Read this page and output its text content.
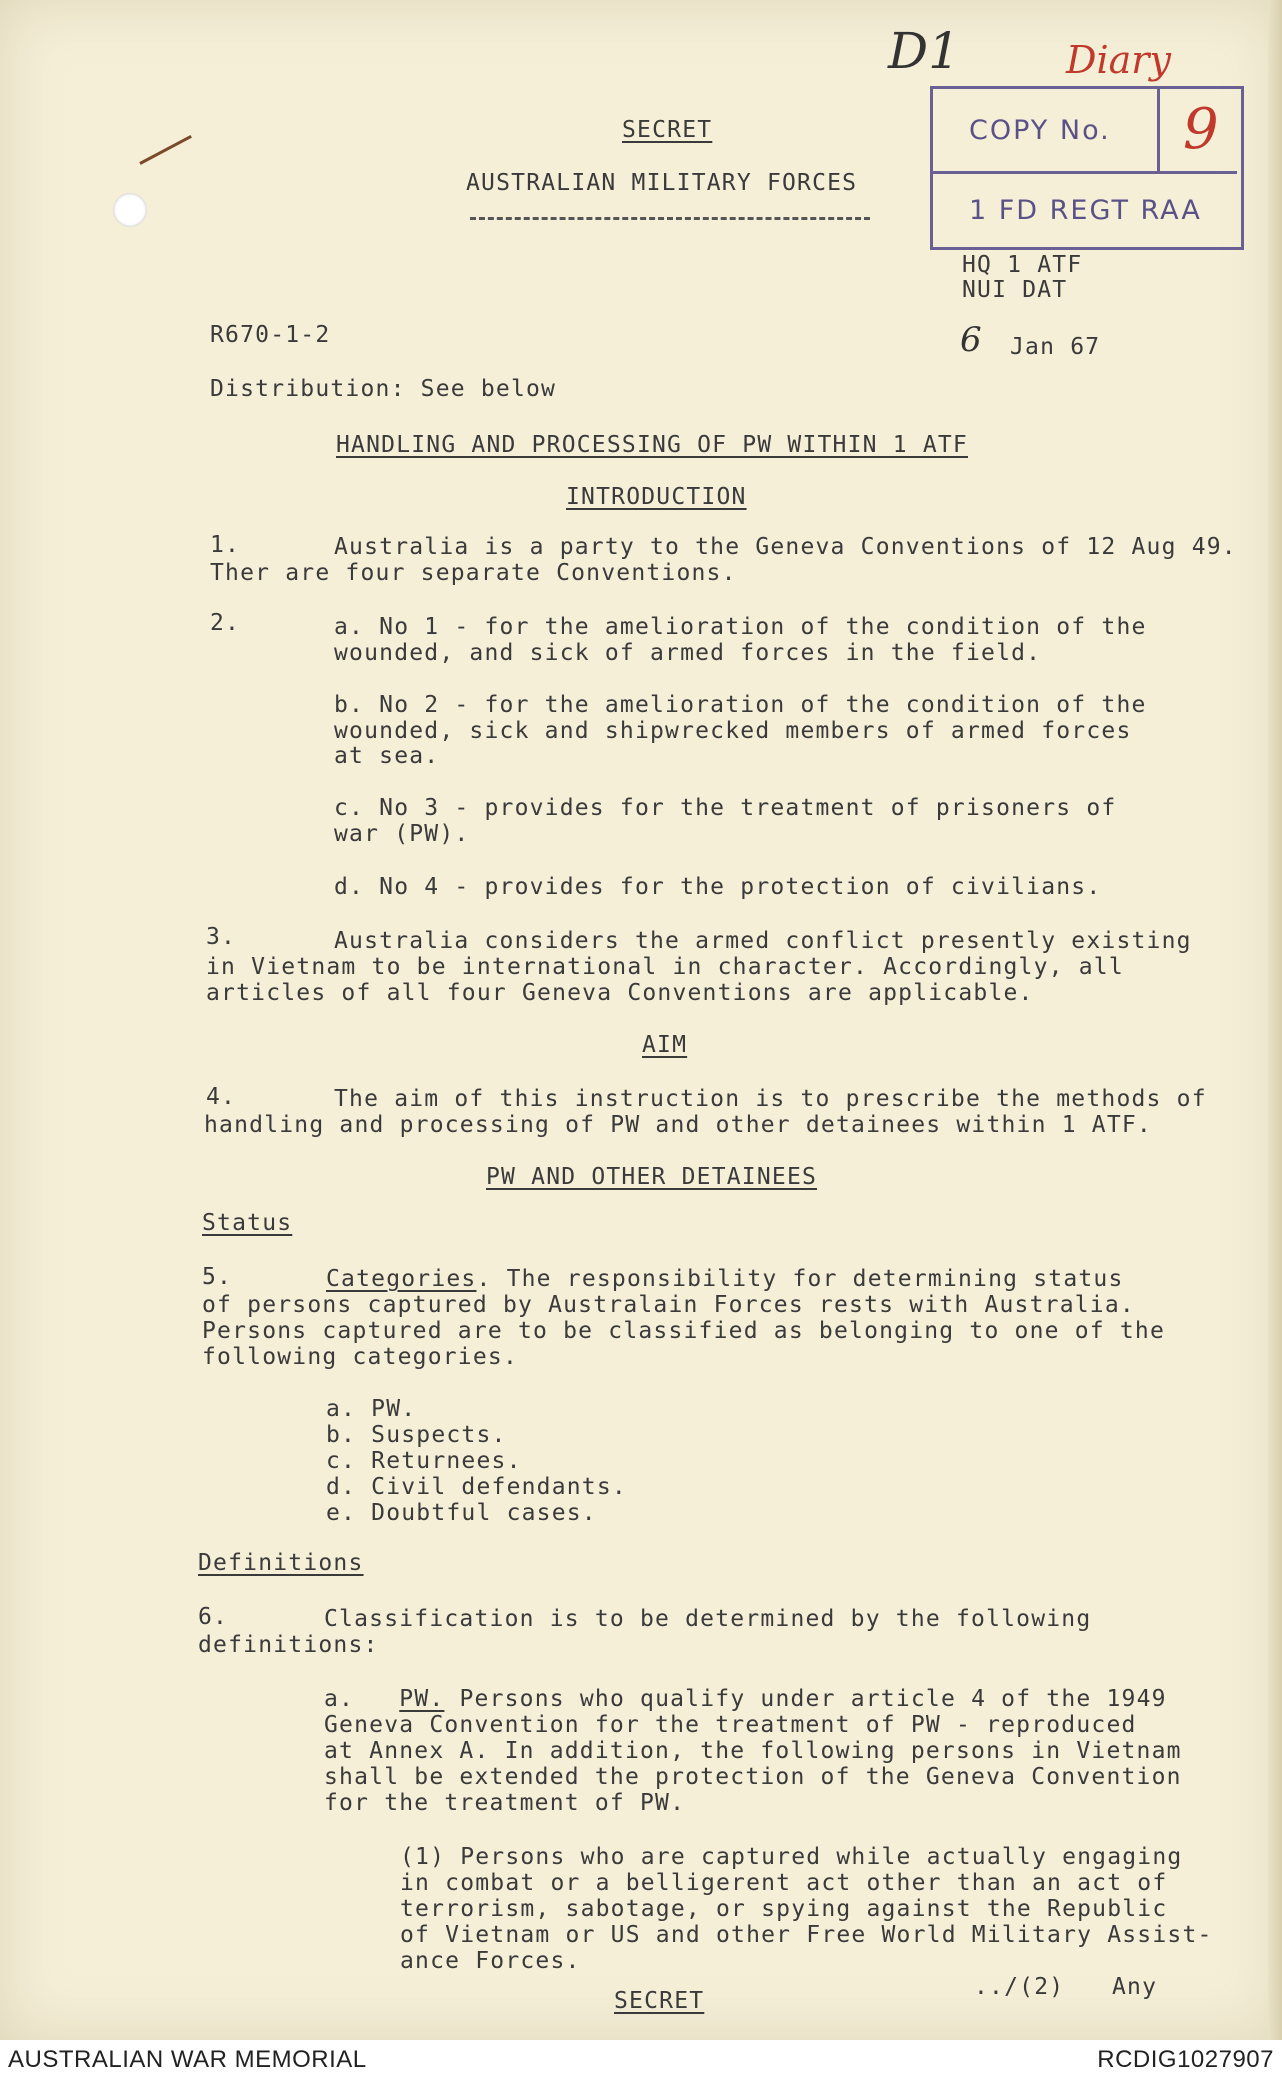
D1	Diary
COPY No. 9
1 FD REGT RAA
SECRET
AUSTRALIAN MILITARY FORCES
HQ 1 ATF
NUI DAT
R670-1-2	6 Jan 67
Distribution: See below
HANDLING AND PROCESSING OF PW WITHIN 1 ATF
INTRODUCTION
1.	Australia is a party to the Geneva Conventions of 12 Aug 49.
Ther are four separate Conventions.
2.	a. No 1 - for the amelioration of the condition of the
wounded, and sick of armed forces in the field.
b. No 2 - for the amelioration of the condition of the
wounded, sick and shipwrecked members of armed forces
at sea.
c. No 3 - provides for the treatment of prisoners of
war (PW).
d. No 4 - provides for the protection of civilians.
3.	Australia considers the armed conflict presently existing
in Vietnam to be international in character. Accordingly, all
articles of all four Geneva Conventions are applicable.
AIM
4.	The aim of this instruction is to prescribe the methods of
handling and processing of PW and other detainees within 1 ATF.
PW AND OTHER DETAINEES
Status
5.	Categories. The responsibility for determining status
of persons captured by Australain Forces rests with Australia.
Persons captured are to be classified as belonging to one of the
following categories.
a. PW.
b. Suspects.
c. Returnees.
d. Civil defendants.
e. Doubtful cases.
Definitions
6.	Classification is to be determined by the following
definitions:
a. PW. Persons who qualify under article 4 of the 1949
Geneva Convention for the treatment of PW - reproduced
at Annex A. In addition, the following persons in Vietnam
shall be extended the protection of the Geneva Convention
for the treatment of PW.
(1) Persons who are captured while actually engaging
in combat or a belligerent act other than an act of
terrorism, sabotage, or spying against the Republic
of Vietnam or US and other Free World Military Assist-
ance Forces.
SECRET
../(2) Any
AUSTRALIAN WAR MEMORIAL	RCDIG1027907
